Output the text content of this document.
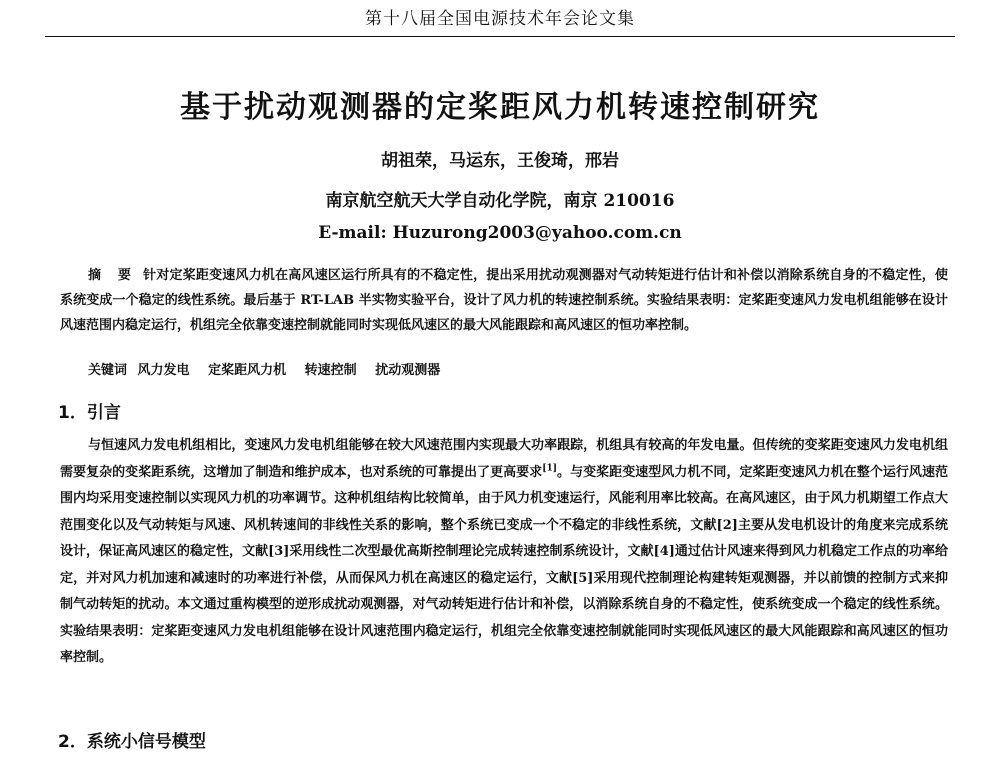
第十八届全国电源技术年会论文集
基于扰动观测器的定桨距风力机转速控制研究
胡祖荣，马运东，王俊琦，邢岩
南京航空航天大学自动化学院，南京 210016
E-mail: Huzurong2003@yahoo.com.cn
摘 要 针对定桨距变速风力机在高风速区运行所具有的不稳定性，提出采用扰动观测器对气动转矩进行估计和补偿以消除系统自身的不稳定性，使系统变成一个稳定的线性系统。最后基于 RT-LAB 半实物实验平台，设计了风力机的转速控制系统。实验结果表明：定桨距变速风力发电机组能够在设计风速范围内稳定运行，机组完全依靠变速控制就能同时实现低风速区的最大风能跟踪和高风速区的恒功率控制。
关键词 风力发电 定桨距风力机 转速控制 扰动观测器
1．引言
与恒速风力发电机组相比，变速风力发电机组能够在较大风速范围内实现最大功率跟踪，机组具有较高的年发电量。但传统的变桨距变速风力发电机组需要复杂的变桨距系统，这增加了制造和维护成本，也对系统的可靠提出了更高要求[1]。与变桨距变速型风力机不同，定桨距变速风力机在整个运行风速范围内均采用变速控制以实现风力机的功率调节。这种机组结构比较简单，由于风力机变速运行，风能利用率比较高。在高风速区，由于风力机期望工作点大范围变化以及气动转矩与风速、风机转速间的非线性关系的影响，整个系统已变成一个不稳定的非线性系统，文献[2]主要从发电机设计的角度来完成系统设计，保证高风速区的稳定性，文献[3]采用线性二次型最优高斯控制理论完成转速控制系统设计，文献[4]通过估计风速来得到风力机稳定工作点的功率给定，并对风力机加速和减速时的功率进行补偿，从而保风力机在高速区的稳定运行，文献[5]采用现代控制理论构建转矩观测器，并以前馈的控制方式来抑制气动转矩的扰动。本文通过重构模型的逆形成扰动观测器，对气动转矩进行估计和补偿，以消除系统自身的不稳定性，使系统变成一个稳定的线性系统。实验结果表明：定桨距变速风力发电机组能够在设计风速范围内稳定运行，机组完全依靠变速控制就能同时实现低风速区的最大风能跟踪和高风速区的恒功率控制。
2．系统小信号模型
